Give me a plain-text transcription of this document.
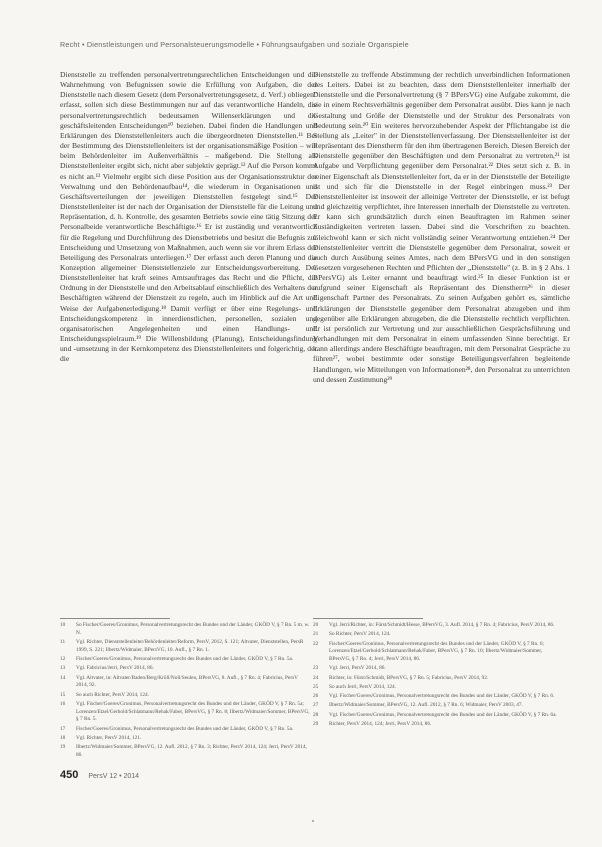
Recht • Dienstleistungen und Personalsteuerungsmodelle • Führungsaufgaben und soziale Organspiele

Dienststelle zu treffenden personalvertretungsrechtlichen Entscheidungen und die Wahrnehmung von Befugnissen sowie die Erfüllung von Aufgaben, die der Dienststelle nach diesem Gesetz (dem Personalvertretungsgesetz, d. Verf.) obliegen" erfasst, sollen sich diese Bestimmungen nur auf das verantwortliche Handeln, die personalvertretungsrechtlich bedeutsamen Willenserklärungen und die geschäftsleitenden Entscheidungen¹⁰ beziehen. Dabei finden die Handlungen und Erklärungen des Dienststellenleiters auch die übergeordneten Dienststellen.¹¹ Bei der Bestimmung des Dienststellenleiters ist der organisationsmäßige Position – wie beim Behördenleiter im Außenverhältnis – maßgebend. Die Stellung als Dienststellenleiter ergibt sich, nicht aber subjektiv geprägt.¹² Auf die Person kommt es nicht an.¹³ Vielmehr ergibt sich diese Position aus der Organisationsstruktur der Verwaltung und den Behördenaufbau¹⁴, die wiederum in Organisationen und Geschäftsverteilungen der jeweiligen Dienststellen festgelegt sind.¹⁵ Der Dienststellenleiter ist der nach der Organisation der Dienststelle für die Leitung und Repräsentation, d. h. Kontrolle, des gesamten Betriebs sowie eine tätig Sitzung der Personalbeide verantwortliche Beschäftigte.¹⁶ Er ist zuständig und verantwortlich für die Regelung und Durchführung des Dienstbetriebs und besitzt die Befugnis zur Entscheidung und Umsetzung von Maßnahmen, auch wenn sie vor ihrem Erlass der Beteiligung des Personalrats unterliegen.¹⁷ Der erfasst auch deren Planung und die Konzeption allgemeiner Dienststellenziele zur Entscheidungsvorbereitung. Der Dienststellenleiter hat kraft seines Amtsauftrages das Recht und die Pflicht, die Ordnung in der Dienststelle und den Arbeitsablauf einschließlich des Verhaltens der Beschäftigten während der Dienstzeit zu regeln, auch im Hinblick auf die Art und Weise der Aufgabenerledigung.¹⁸ Damit verfügt er über eine Regelungs- und Entscheidungskompetenz in innerdienstlichen, personellen, sozialen und organisatorischen Angelegenheiten und einen Handlungs- und Entscheidungsspielraum.¹⁹ Die Willensbildung (Planung), Entscheidungsfindung und -umsetzung in der Kernkompetenz des Dienststellenleiters und folgerichtig, der die

Dienststelle zu treffende Abstimmung der rechtlich unverbindlichen Informationen des Leiters. Dabei ist zu beachten, dass dem Dienststellenleiter innerhalb der Dienststelle und die Personalvertretung (§ 7 BPersVG) eine Aufgabe zukommt, die sie in einem Rechtsverhältnis gegenüber dem Personalrat ausübt. Dies kann je nach Gestaltung und Größe der Dienststelle und der Struktur des Personalrats von Bedeutung sein.²⁰ Ein weiteres hervorzuhebender Aspekt der Pflichtangabe ist die Stellung als „Leiter" in der Dienststellenverfassung. Der Dienststellenleiter ist der Repräsentant des Dienstherrn für den ihm übertragenen Bereich. Diesen Bereich der Dienststelle gegenüber den Beschäftigten und dem Personalrat zu vertreten,²¹ ist Aufgabe und Verpflichtung gegenüber dem Personalrat.²² Dies setzt sich z. B. in seiner Eigenschaft als Dienststellenleiter fort, da er in der Dienststelle der Beteiligte ist und sich für die Dienststelle in der Regel einbringen muss.²³ Der Dienststellenleiter ist insoweit der alleinige Vertreter der Dienststelle, er ist befugt und gleichzeitig verpflichtet, ihre Interessen innerhalb der Dienststelle zu vertreten. Er kann sich grundsätzlich durch einen Beauftragten im Rahmen seiner Zuständigkeiten vertreten lassen. Dabei sind die Vorschriften zu beachten. Gleichwohl kann er sich nicht vollständig seiner Verantwortung entziehen.²⁴ Der Dienststellenleiter vertritt die Dienststelle gegenüber dem Personalrat, soweit er auch durch Ausübung seines Amtes, nach dem BPersVG und in den sonstigen Gesetzen vorgesehenen Rechten und Pflichten der „Dienststelle" (z. B. in § 2 Abs. 1 BPersVG) als Leiter ernannt und beauftragt wird.²⁵ In dieser Funktion ist er aufgrund seiner Eigenschaft als Repräsentant des Dienstherrn²⁶ in dieser Eigenschaft Partner des Personalrats. Zu seinen Aufgaben gehört es, sämtliche Erklärungen der Dienststelle gegenüber dem Personalrat abzugeben und ihm gegenüber alle Erklärungen abzugeben, die die Dienststelle rechtlich verpflichten. Er ist persönlich zur Vertretung und zur ausschließlichen Gesprächsführung und Verhandlungen mit dem Personalrat in einem umfassenden Sinne berechtigt. Er kann allerdings andere Beschäftigte beauftragen, mit dem Personalrat Gespräche zu führen²⁷, wobei bestimmte oder sonstige Beteiligungsverfahren begleitende Handlungen, wie Mitteilungen von Informationen²⁸, den Personalrat zu unterrichten und dessen Zustimmung²⁹

10	So Fischer/Goeres/Gronimus, Personalvertretungsrecht des Bundes und der Länder, GKÖD V, § 7 Rn. 5 m. w. N.
11	Vgl. Richter, Dienststellenleiter/Behördenleiter/Reform, PersV, 2012, S. 121; Altvater, Dienststellen, PersR 1999, S. 221; Ilbertz/Widmaier, BPersVG, 10. Aufl., § 7 Rn. 1.
12	Fischer/Goeres/Gronimus, Personalvertretungsrecht des Bundes und der Länder, GKÖD V, § 7 Rn. 5a.
13	Vgl. Fabricius/Jerri, PersV 2014, 86.
14	Vgl. Altvater, in: Altvater/Baden/Berg/Kröll/Noll/Seulen, BPersVG, 8. Aufl., § 7 Rn. 4; Fabricius, PersV 2014, 92.
15	So auch Richter, PersV 2014, 124.
16	Vgl. Fischer/Goeres/Gronimus, Personalvertretungsrecht des Bundes und der Länder, GKÖD V, § 7 Rn. 5a; Lorenzen/Etzel/Gerhold/Schlatmann/Rehak/Faber, BPersVG, § 7 Rn. 8; Ilbertz/Widmaier/Sommer, BPersVG, § 7 Rn. 5.
17	Fischer/Goeres/Gronimus, Personalvertretungsrecht des Bundes und der Länder, GKÖD V, § 7 Rn. 5a.
18	Vgl. Richter, PersV 2014, 121.
19	Ilbertz/Widmaier/Sommer, BPersVG, 12. Aufl. 2012, § 7 Rn. 3; Richter, PersV 2014, 124; Jerri, PersV 2014, 86.
20	Vgl. Jerri/Richter, in: Fürst/Schmidt/Hesse, BPersVG, 3. Aufl. 2014, § 7 Rn. 4; Fabricius, PersV 2014, 86.
21	So Richter, PersV 2014, 124.
22	Fischer/Goeres/Gronimus, Personalvertretungsrecht des Bundes und der Länder, GKÖD V, § 7 Rn. 6; Lorenzen/Etzel/Gerhold/Schlatmann/Rehak/Faber, BPersVG, § 7 Rn. 10; Ilbertz/Widmaier/Sommer, BPersVG, § 7 Rn. 4; Jerri, PersV 2014, 86.
23	Vgl. Jerri, PersV 2014, 86.
24	Richter, in: Fürst/Schmidt, BPersVG, § 7 Rn. 5; Fabricius, PersV 2014, 92.
25	So auch Jerri, PersV 2014, 124.
26	Vgl. Fischer/Goeres/Gronimus, Personalvertretungsrecht des Bundes und der Länder, GKÖD V, § 7 Rn. 6.
27	Ilbertz/Widmaier/Sommer, BPersVG, 12. Aufl. 2012, § 7 Rn. 6; Widmaier, PersV 2003, 47.
28	Vgl. Fischer/Goeres/Gronimus, Personalvertretungsrecht des Bundes und der Länder, GKÖD V, § 7 Rn. 6a.
29	Richter, PersV 2014, 124; Jerri, PersV 2014, 86.
450 PersV 12 • 2014
